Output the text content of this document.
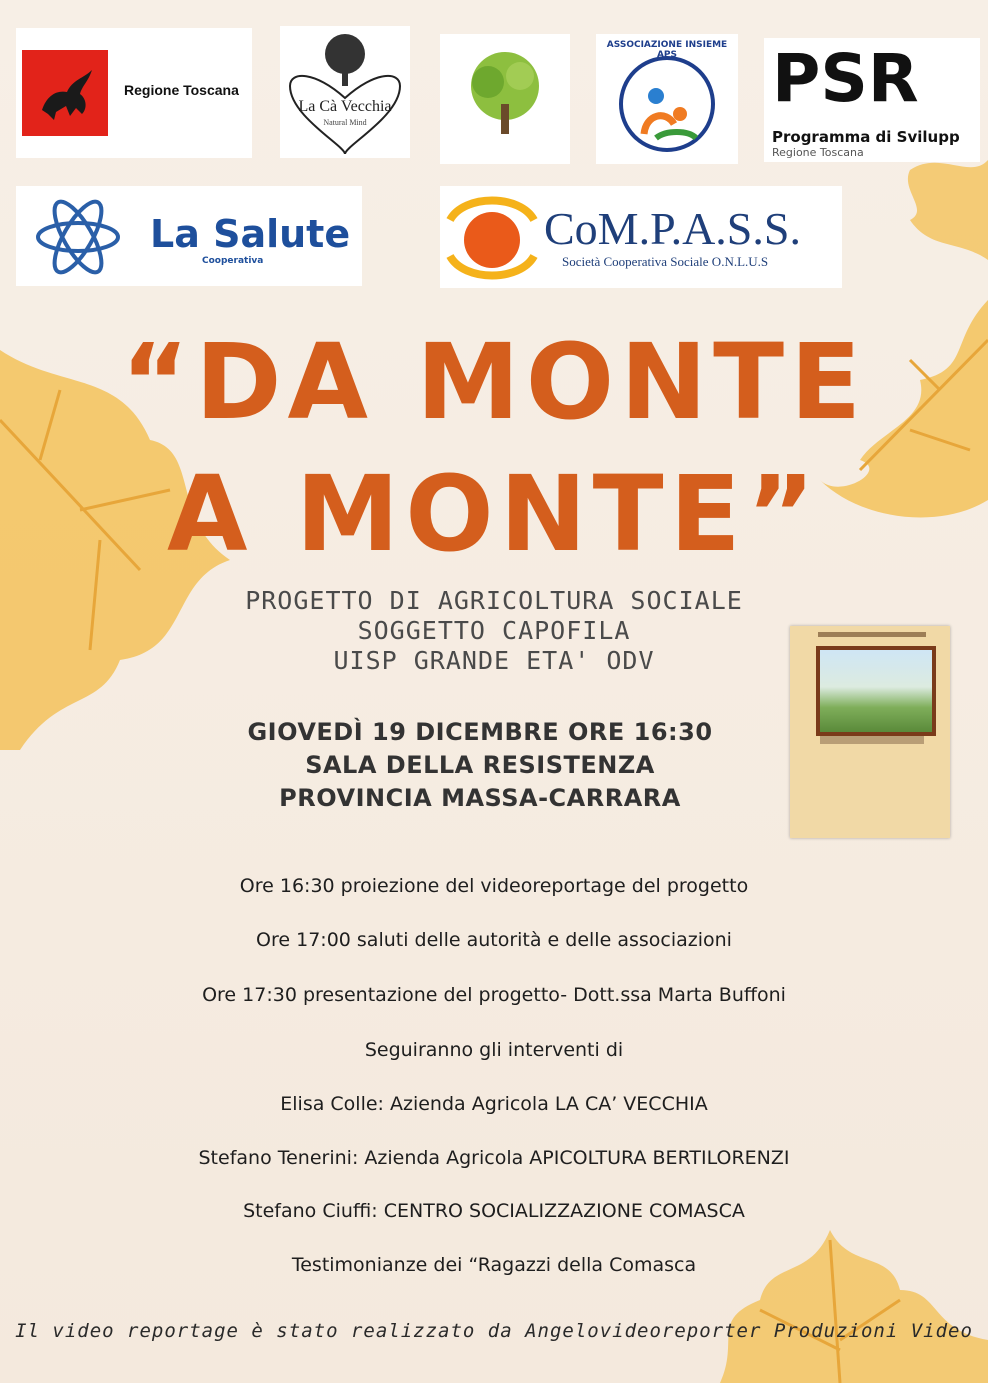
Regione Toscana
La Cà Vecchia
Natural Mind
ASSOCIAZIONE INSIEME APS	PSR
Programma di Svilupp
Regione Toscana
La Salute
Cooperativa
CoM.P.A.S.S.
Società Cooperativa Sociale O.N.L.U.S
“DA MONTE
A MONTE”
PROGETTO DI AGRICOLTURA SOCIALE
SOGGETTO CAPOFILA
UISP GRANDE ETA' ODV
GIOVEDÌ 19 DICEMBRE ORE 16:30
SALA DELLA RESISTENZA
PROVINCIA MASSA-CARRARA
Ore 16:30 proiezione del videoreportage del progetto
Ore 17:00 saluti delle autorità e delle associazioni
Ore 17:30 presentazione del progetto- Dott.ssa Marta Buffoni
Seguiranno gli interventi di
Elisa Colle: Azienda Agricola LA CA’ VECCHIA
Stefano Tenerini: Azienda Agricola APICOLTURA BERTILORENZI
Stefano Ciuffi: CENTRO SOCIALIZZAZIONE COMASCA
Testimonianze dei “Ragazzi della Comasca
Il video reportage è stato realizzato da Angelovideoreporter Produzioni Video
